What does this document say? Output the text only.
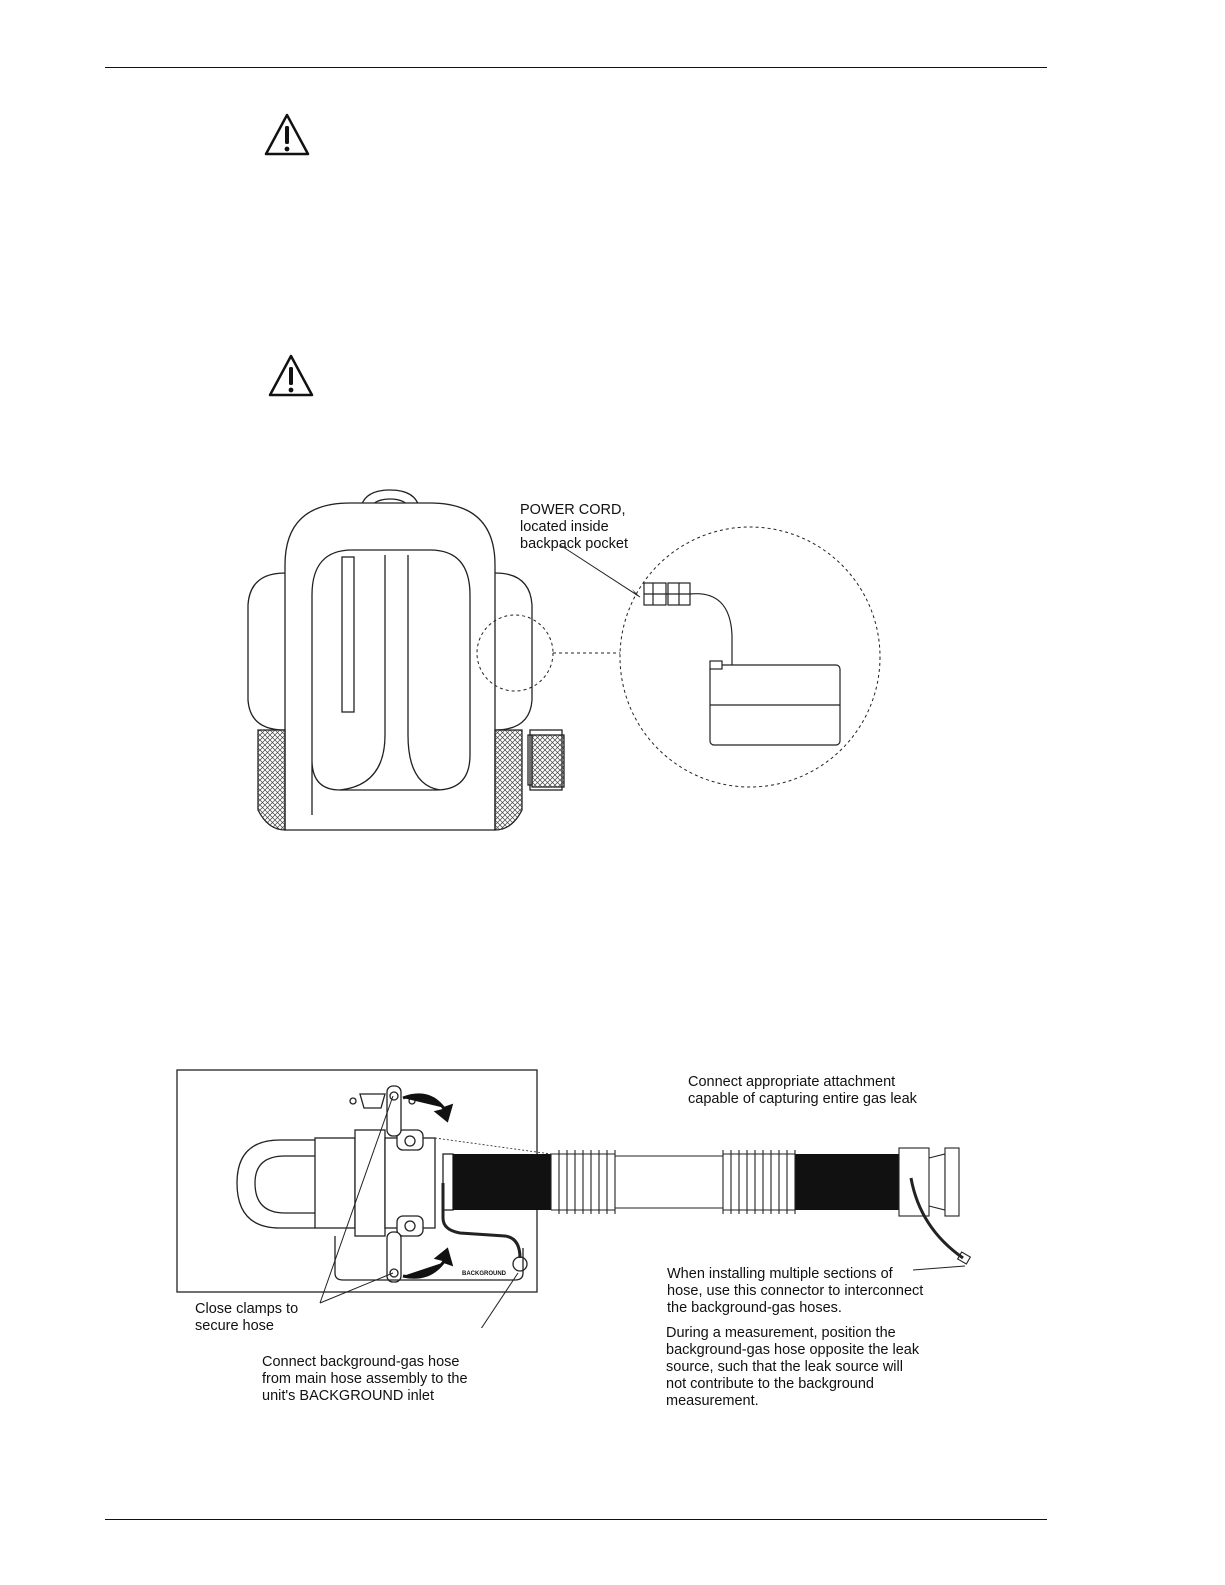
POWER CORD,
located inside
backpack pocket
BACKGROUND
Connect appropriate attachment
capable of capturing entire gas leak
When installing multiple sections of
hose, use this connector to interconnect
the background-gas hoses.
During a measurement, position the
background-gas hose opposite the leak
source, such that the leak source will
not contribute to the background
measurement.
Close clamps to
secure hose
Connect background-gas hose
from main hose assembly to the
unit's BACKGROUND inlet
